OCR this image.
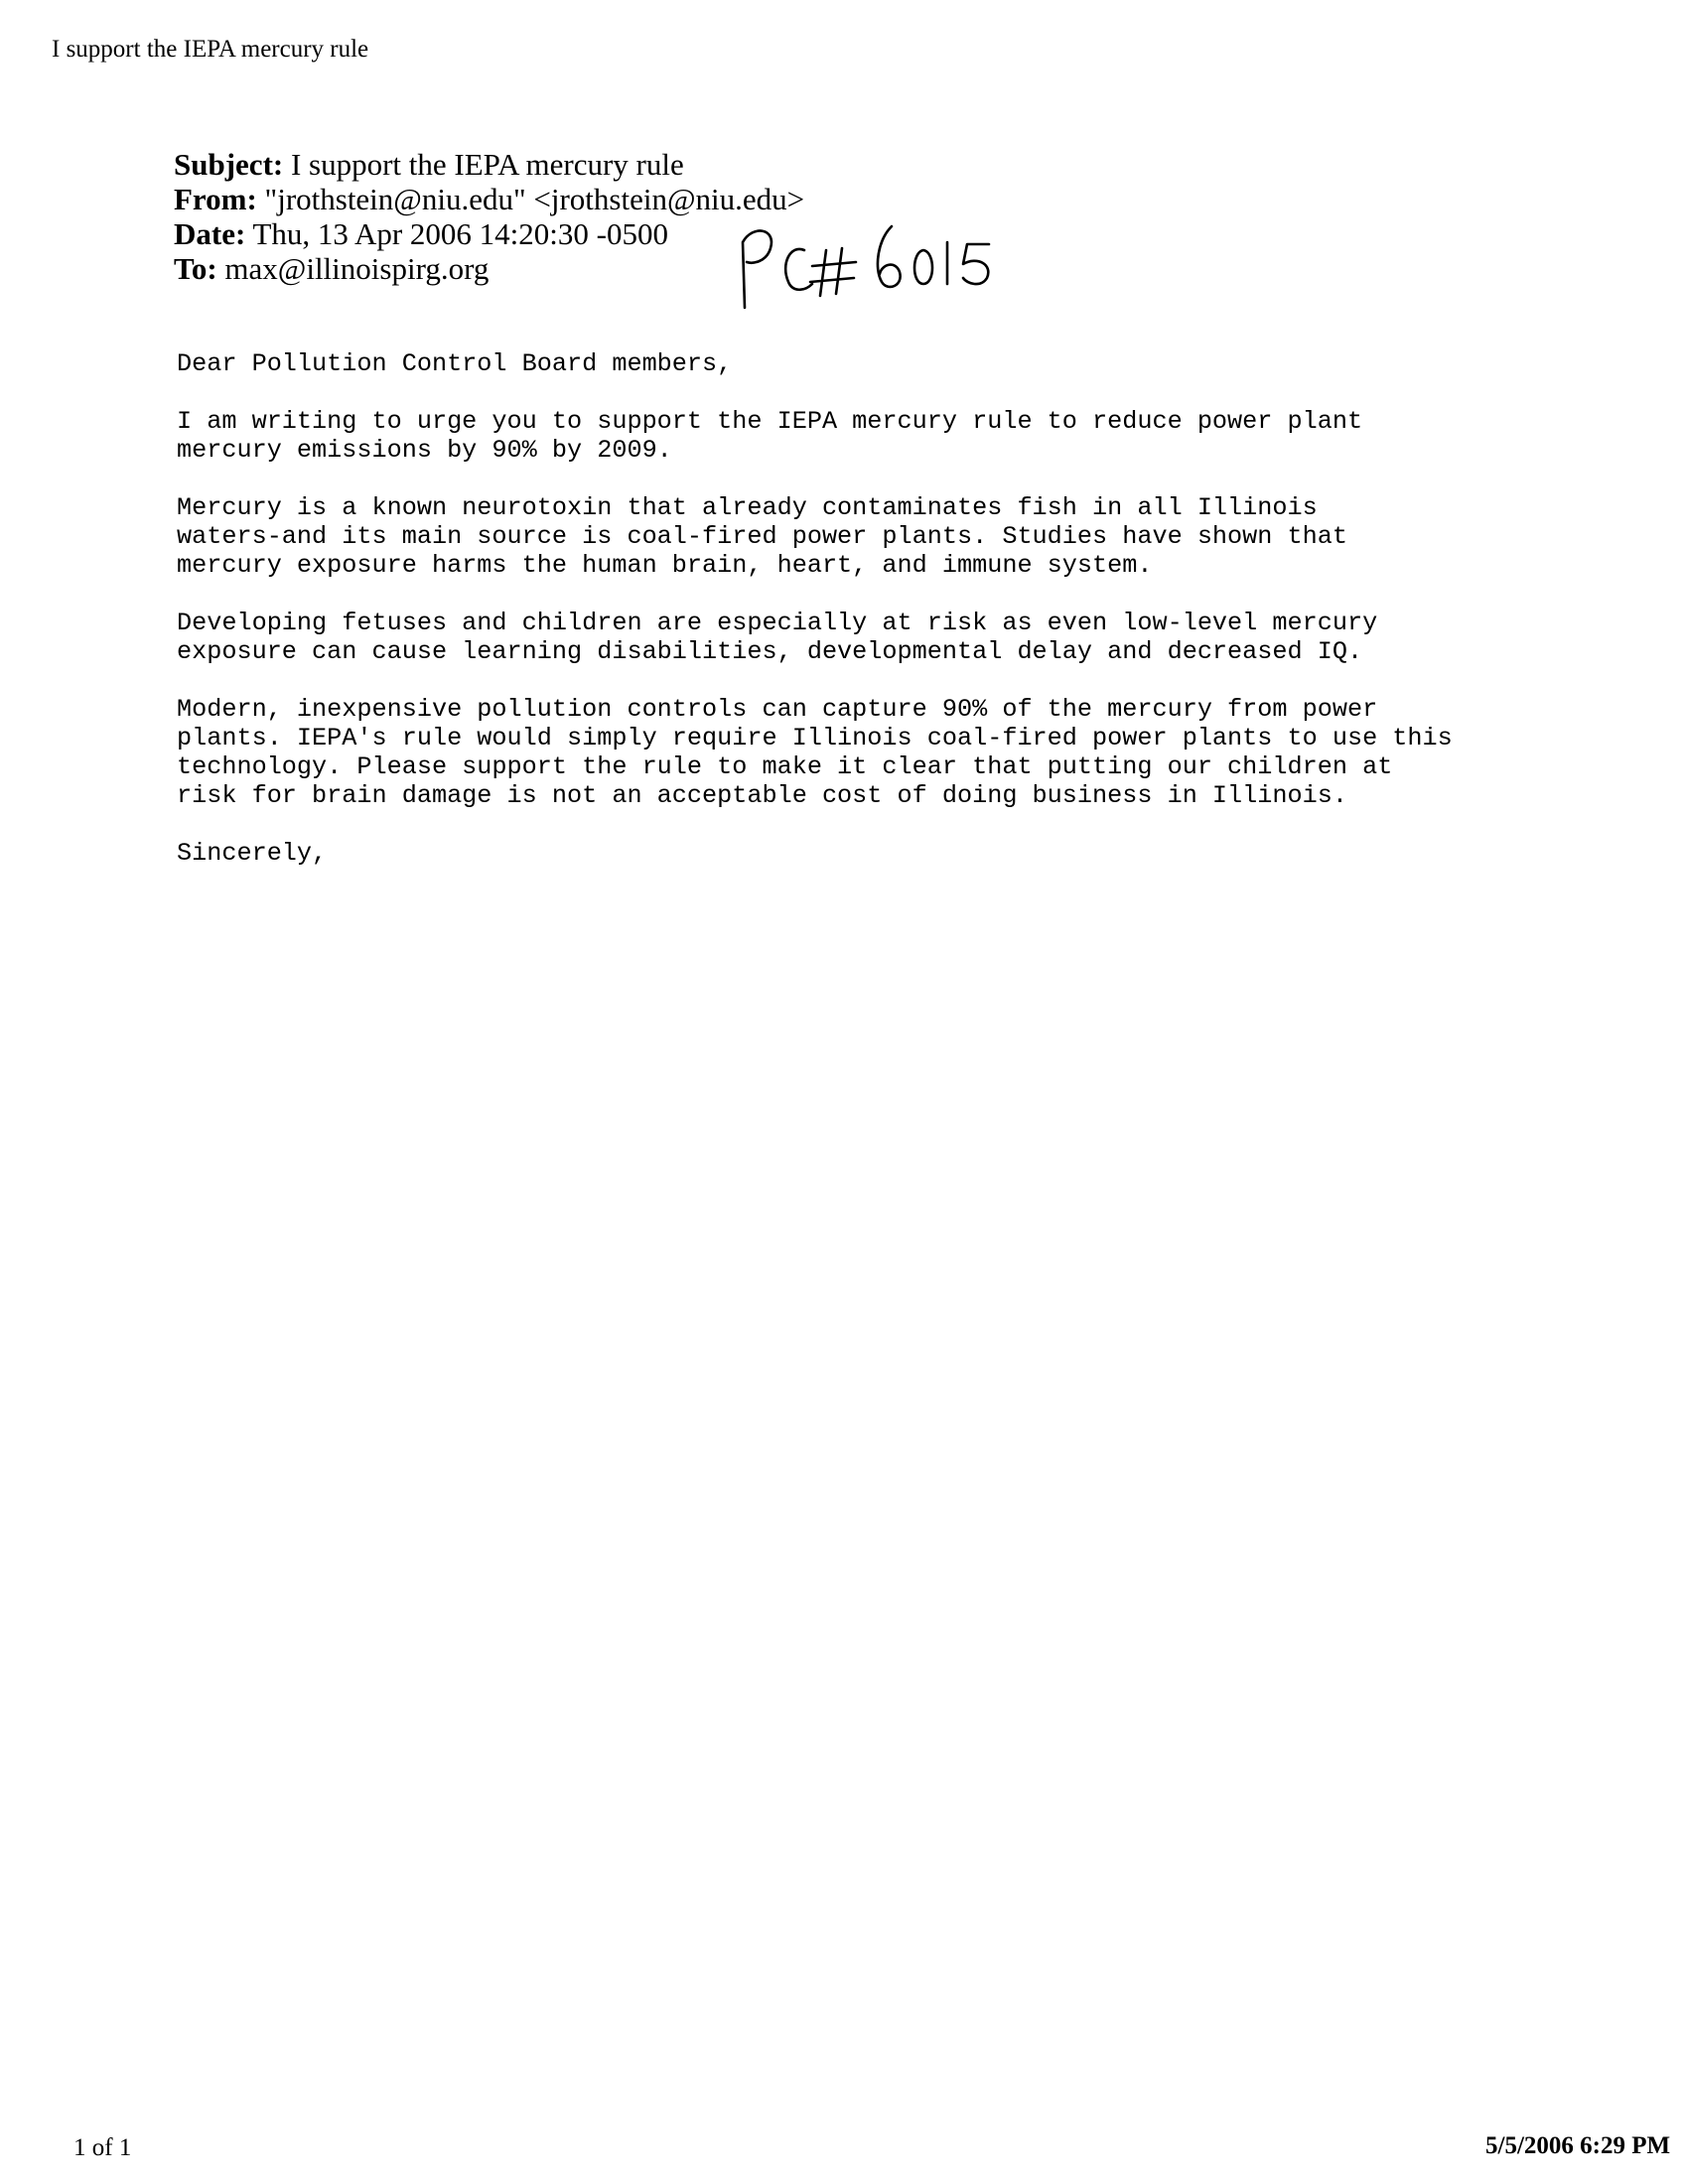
I support the IEPA mercury rule
Subject: I support the IEPA mercury rule
From: "jrothstein@niu.edu" <jrothstein@niu.edu>
Date: Thu, 13 Apr 2006 14:20:30 -0500
To: max@illinoispirg.org

Dear Pollution Control Board members,

I am writing to urge you to support the IEPA mercury rule to reduce power plant
mercury emissions by 90% by 2009.

Mercury is a known neurotoxin that already contaminates fish in all Illinois
waters-and its main source is coal-fired power plants. Studies have shown that
mercury exposure harms the human brain, heart, and immune system.

Developing fetuses and children are especially at risk as even low-level mercury
exposure can cause learning disabilities, developmental delay and decreased IQ.

Modern, inexpensive pollution controls can capture 90% of the mercury from power
plants. IEPA's rule would simply require Illinois coal-fired power plants to use this
technology. Please support the rule to make it clear that putting our children at
risk for brain damage is not an acceptable cost of doing business in Illinois.

Sincerely,

1 of 1	5/5/2006 6:29 PM
